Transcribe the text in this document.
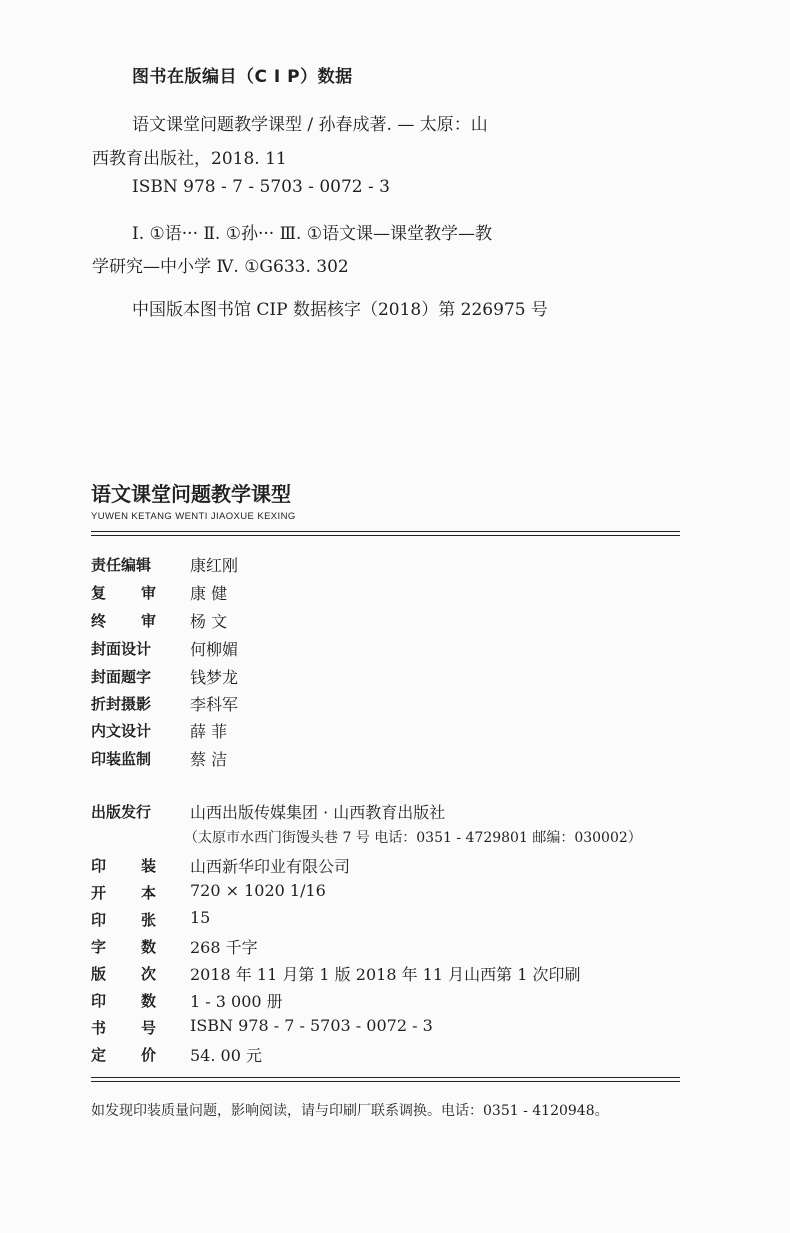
图书在版编目（C I P）数据
语文课堂问题教学课型 / 孙春成著. — 太原：山
西教育出版社，2018. 11
ISBN 978 - 7 - 5703 - 0072 - 3
Ⅰ. ①语··· Ⅱ. ①孙··· Ⅲ. ①语文课—课堂教学—教
学研究—中小学 Ⅳ. ①G633. 302
中国版本图书馆 CIP 数据核字（2018）第 226975 号
语文课堂问题教学课型
YUWEN KETANG WENTI JIAOXUE KEXING
责任编辑 康红刚
复审
康 健
终审
杨 文
封面设计 何柳媚
封面题字 钱梦龙
折封摄影 李科军
内文设计 薛 菲
印装监制 蔡 洁
出版发行 山西出版传媒集团 · 山西教育出版社
（太原市水西门街馒头巷 7 号 电话：0351 - 4729801 邮编：030002）
印装
山西新华印业有限公司
开本
720 × 1020 1/16
印张
15
字数
268 千字
版次
2018 年 11 月第 1 版 2018 年 11 月山西第 1 次印刷
印数
1 - 3 000 册
书号
ISBN 978 - 7 - 5703 - 0072 - 3
定价
54. 00 元
如发现印装质量问题，影响阅读，请与印刷厂联系调换。电话：0351 - 4120948。
